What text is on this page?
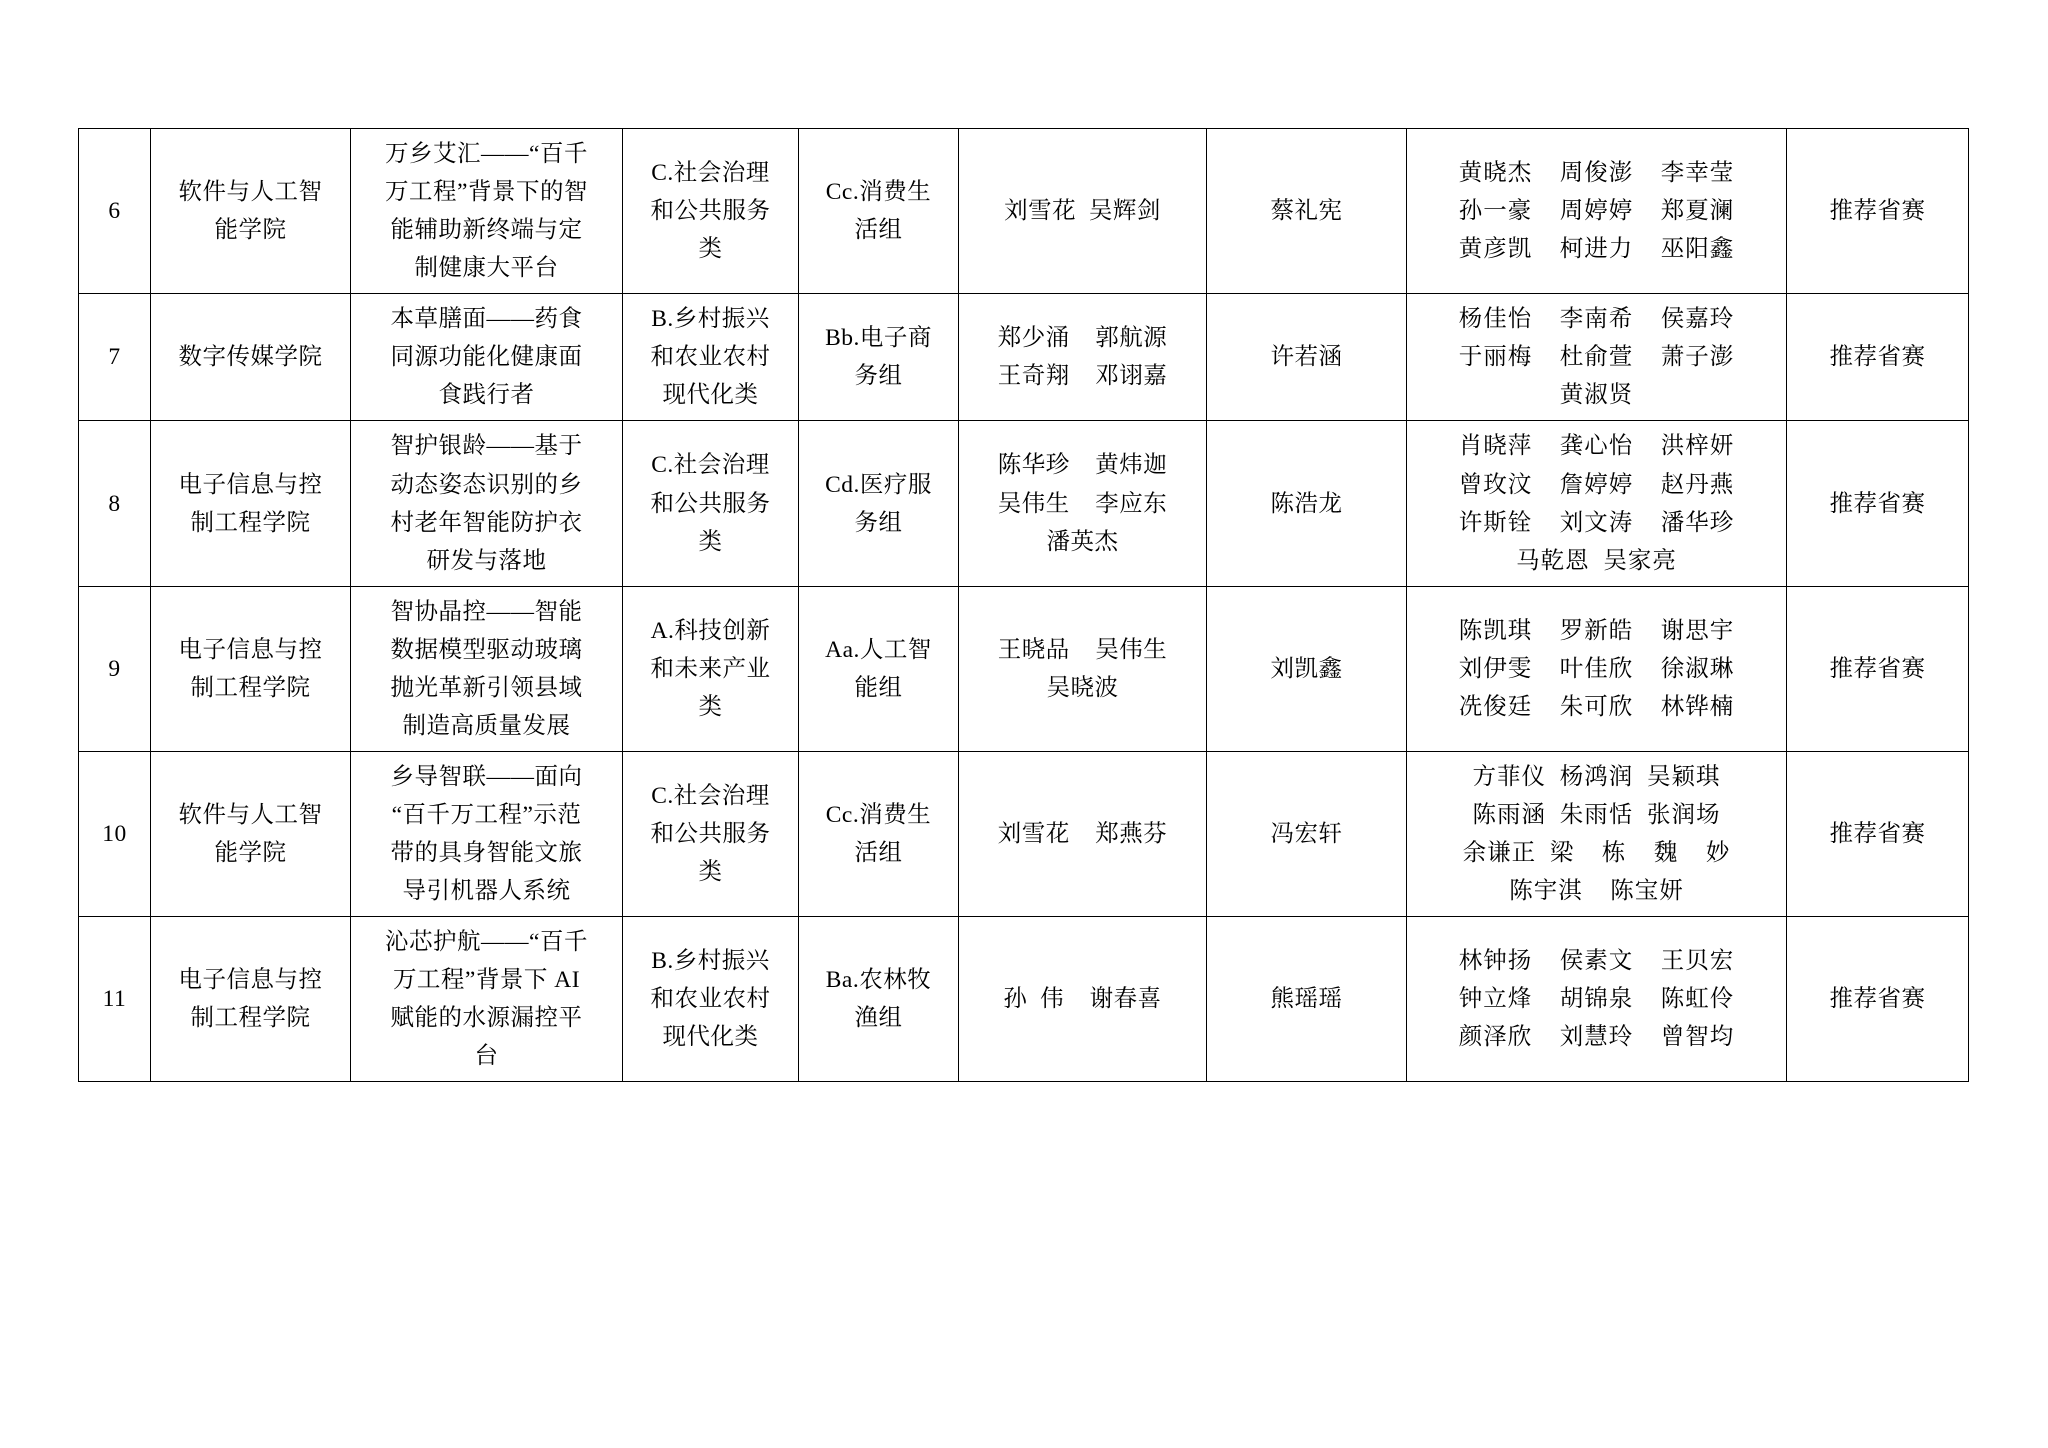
6	软件与人工智
能学院	万乡艾汇——“百千
万工程”背景下的智
能辅助新终端与定
制健康大平台	C.社会治理
和公共服务
类	Cc.消费生
活组	刘雪花  吴辉剑	蔡礼宪	黄晓杰    周俊澎    李幸莹
孙一豪    周婷婷    郑夏澜
黄彦凯    柯进力    巫阳鑫	推荐省赛

7	数字传媒学院	本草膳面——药食
同源功能化健康面
食践行者	B.乡村振兴
和农业农村
现代化类	Bb.电子商
务组	郑少涌    郭航源
王奇翔    邓诩嘉	许若涵	杨佳怡    李南希    侯嘉玲
于丽梅    杜俞萱    萧子澎
黄淑贤	推荐省赛

8	电子信息与控
制工程学院	智护银龄——基于
动态姿态识别的乡
村老年智能防护衣
研发与落地	C.社会治理
和公共服务
类	Cd.医疗服
务组	陈华珍    黄炜迦
吴伟生    李应东
潘英杰	陈浩龙	肖晓萍    龚心怡    洪梓妍
曾玫汶    詹婷婷    赵丹燕
许斯铨    刘文涛    潘华珍
马乾恩  吴家亮	推荐省赛

9	电子信息与控
制工程学院	智协晶控——智能
数据模型驱动玻璃
抛光革新引领县域
制造高质量发展	A.科技创新
和未来产业
类	Aa.人工智
能组	王晓品    吴伟生
吴晓波	刘凯鑫	陈凯琪    罗新皓    谢思宇
刘伊雯    叶佳欣    徐淑琳
冼俊廷    朱可欣    林铧楠	推荐省赛

10	软件与人工智
能学院	乡导智联——面向
“百千万工程”示范
带的具身智能文旅
导引机器人系统	C.社会治理
和公共服务
类	Cc.消费生
活组	刘雪花    郑燕芬	冯宏轩	方菲仪  杨鸿润  吴颖琪
陈雨涵  朱雨恬  张润场
余谦正  梁    栋    魏    妙
陈宇淇    陈宝妍	推荐省赛

11	电子信息与控
制工程学院	沁芯护航——“百千
万工程”背景下 AI
赋能的水源漏控平
台	B.乡村振兴
和农业农村
现代化类	Ba.农林牧
渔组	孙  伟    谢春喜	熊瑶瑶	林钟扬    侯素文    王贝宏
钟立烽    胡锦泉    陈虹伶
颜泽欣    刘慧玲    曾智均	推荐省赛
